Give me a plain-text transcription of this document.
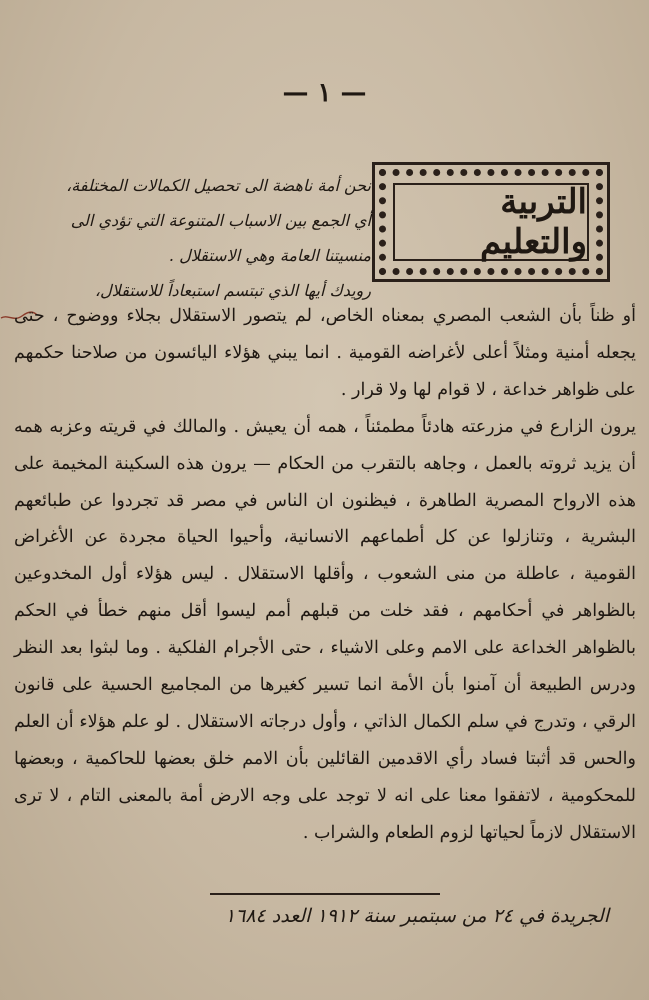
— ١ —
التربية والتعليم
نحن أمة ناهضة الى تحصيل الكمالات المختلفة،
أي الجمع بين الاسباب المتنوعة التي تؤدي الى
منسيتنا العامة وهي الاستقلال .
رويدك أيها الذي تبتسم استبعاداً للاستقلال،

أو ظناً بأن الشعب المصري بمعناه الخاص، لم يتصور الاستقلال بجلاء ووضوح ، حتى يجعله أمنية ومثلاً أعلى لأغراضه القومية . انما يبني هؤلاء اليائسون من صلاحنا حكمهم على ظواهر خداعة ، لا قوام لها ولا قرار .

يرون الزارع في مزرعته هادئاً مطمئناً ، همه أن يعيش . والمالك في قريته وعزبه همه أن يزيد ثروته بالعمل ، وجاهه بالتقرب من الحكام — يرون هذه السكينة المخيمة على هذه الارواح المصرية الطاهرة ، فيظنون ان الناس في مصر قد تجردوا عن طبائعهم البشرية ، وتنازلوا عن كل أطماعهم الانسانية، وأحيوا الحياة مجردة عن الأغراض القومية ، عاطلة من منى الشعوب ، وأقلها الاستقلال . ليس هؤلاء أول المخدوعين بالظواهر في أحكامهم ، فقد خلت من قبلهم أمم ليسوا أقل منهم خطأ في الحكم بالظواهر الخداعة على الامم وعلى الاشياء ، حتى الأجرام الفلكية . وما لبثوا بعد النظر ودرس الطبيعة أن آمنوا بأن الأمة انما تسير كغيرها من المجاميع الحسية على قانون الرقي ، وتدرج في سلم الكمال الذاتي ، وأول درجاته الاستقلال . لو علم هؤلاء أن العلم والحس قد أثبتا فساد رأي الاقدمين القائلين بأن الامم خلق بعضها للحاكمية ، وبعضها للمحكومية ، لاتفقوا معنا على انه لا توجد على وجه الارض أمة بالمعنى التام ، لا ترى الاستقلال لازماً لحياتها لزوم الطعام والشراب .

الجريدة في ٢٤ من سبتمبر سنة ١٩١٢ العدد ١٦٨٤
